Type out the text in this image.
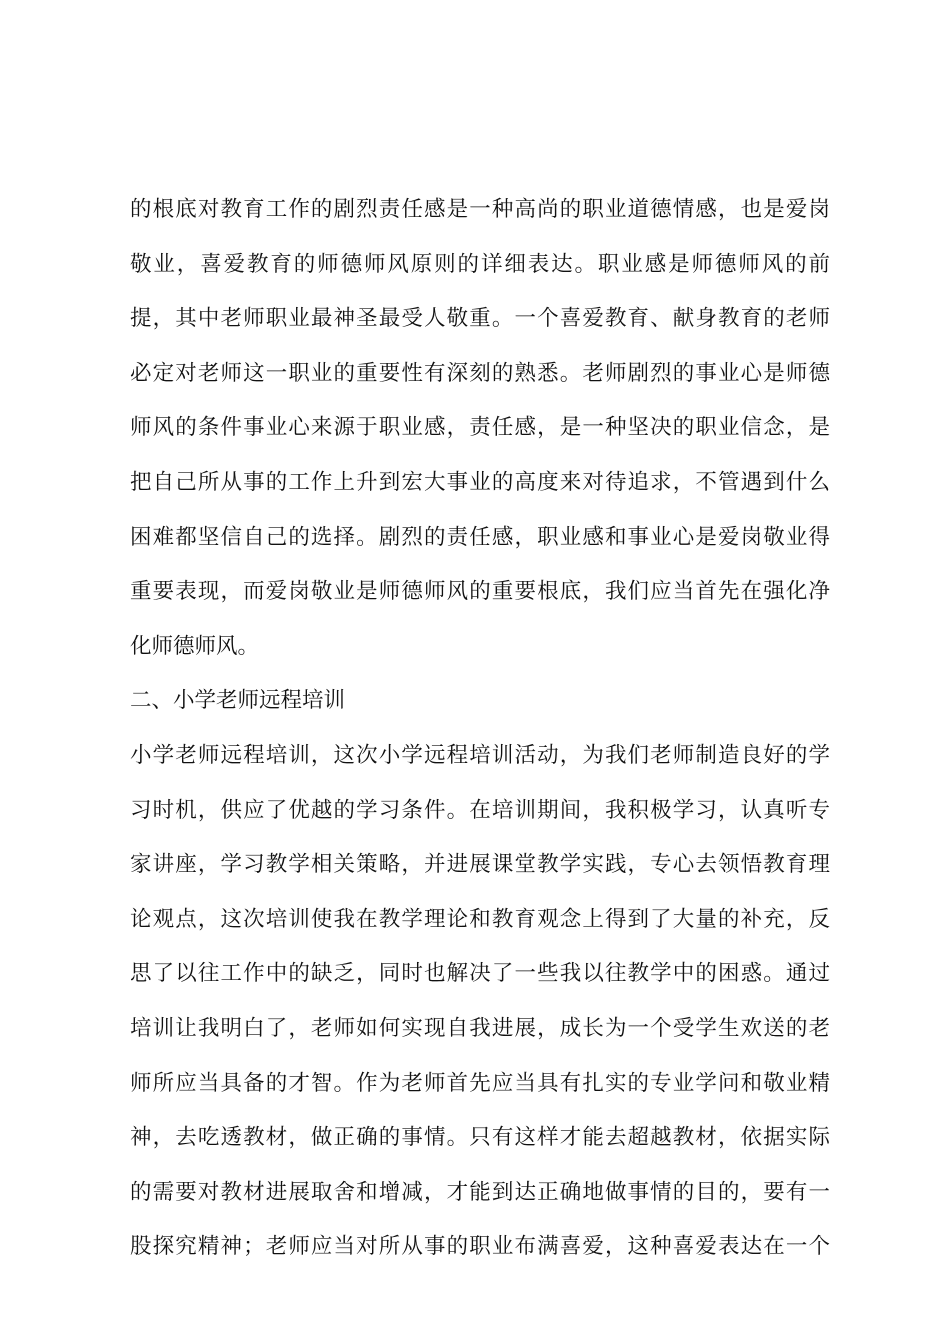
的根底对教育工作的剧烈责任感是一种高尚的职业道德情感，也是爱岗
敬业，喜爱教育的师德师风原则的详细表达。职业感是师德师风的前
提，其中老师职业最神圣最受人敬重。一个喜爱教育、献身教育的老师
必定对老师这一职业的重要性有深刻的熟悉。老师剧烈的事业心是师德
师风的条件事业心来源于职业感，责任感，是一种坚决的职业信念，是
把自己所从事的工作上升到宏大事业的高度来对待追求，不管遇到什么
困难都坚信自己的选择。剧烈的责任感，职业感和事业心是爱岗敬业得
重要表现，而爱岗敬业是师德师风的重要根底，我们应当首先在强化净
化师德师风。
二、小学老师远程培训
小学老师远程培训，这次小学远程培训活动，为我们老师制造良好的学
习时机，供应了优越的学习条件。在培训期间，我积极学习，认真听专
家讲座，学习教学相关策略，并进展课堂教学实践，专心去领悟教育理
论观点，这次培训使我在教学理论和教育观念上得到了大量的补充，反
思了以往工作中的缺乏，同时也解决了一些我以往教学中的困惑。通过
培训让我明白了，老师如何实现自我进展，成长为一个受学生欢送的老
师所应当具备的才智。作为老师首先应当具有扎实的专业学问和敬业精
神，去吃透教材，做正确的事情。只有这样才能去超越教材，依据实际
的需要对教材进展取舍和增减，才能到达正确地做事情的目的，要有一
股探究精神；老师应当对所从事的职业布满喜爱，这种喜爱表达在一个
